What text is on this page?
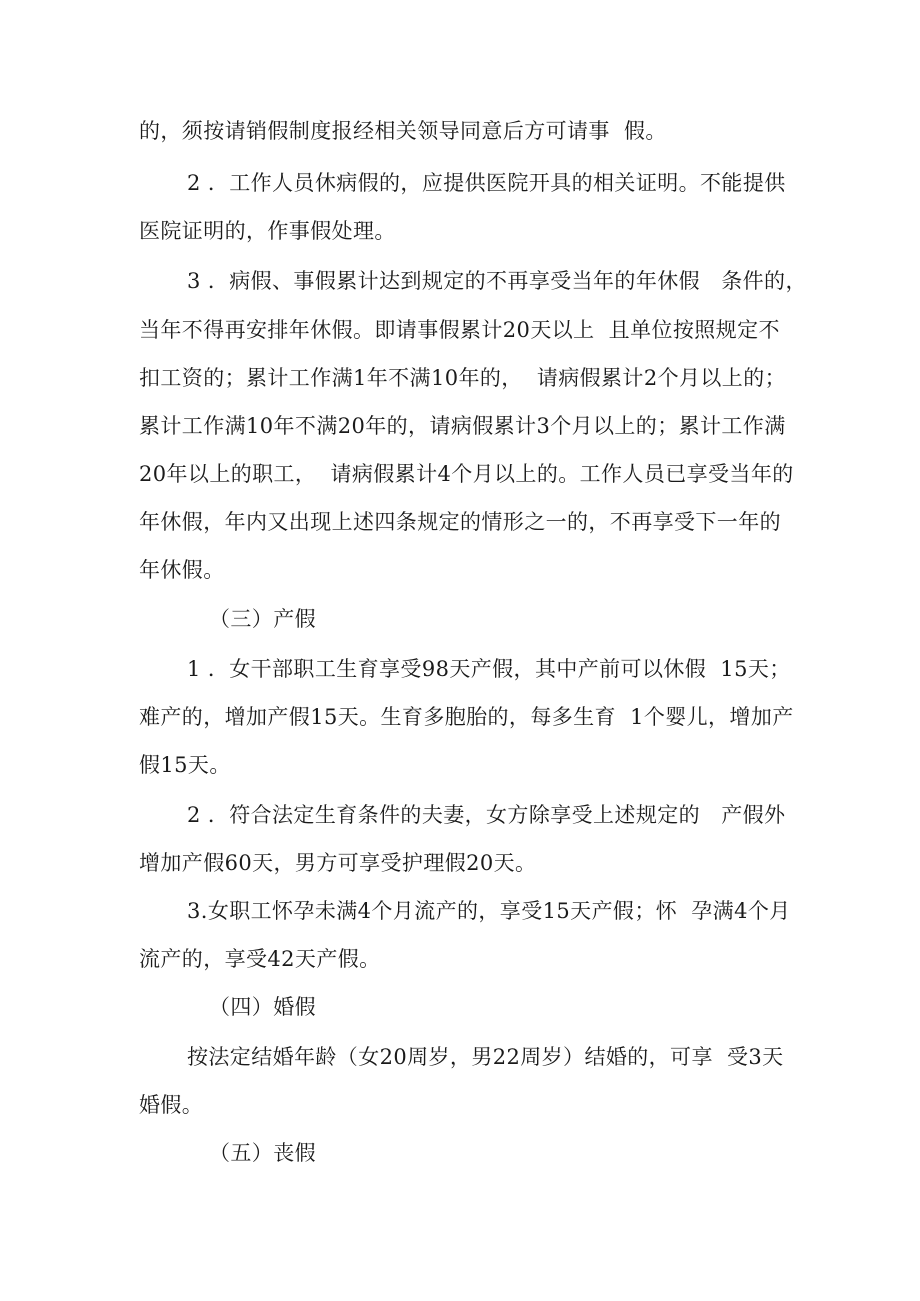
的，须按请销假制度报经相关领导同意后方可请事  假。

2 ．工作人员休病假的，应提供医院开具的相关证明。不能提供

医院证明的，作事假处理。

3 ．病假、事假累计达到规定的不再享受当年的年休假   条件的，

当年不得再安排年休假。即请事假累计20天以上  且单位按照规定不

扣工资的；累计工作满1年不满10年的，  请病假累计2个月以上的；

累计工作满10年不满20年的，请病假累计3个月以上的；累计工作满

20年以上的职工，  请病假累计4个月以上的。工作人员已享受当年的

年休假，年内又出现上述四条规定的情形之一的，不再享受下一年的

年休假。

（三）产假

1 ．女干部职工生育享受98天产假，其中产前可以休假  15天；

难产的，增加产假15天。生育多胞胎的，每多生育  1个婴儿，增加产

假15天。

2 ．符合法定生育条件的夫妻，女方除享受上述规定的   产假外

增加产假60天，男方可享受护理假20天。

3.女职工怀孕未满4个月流产的，享受15天产假；怀  孕满4个月

流产的，享受42天产假。

（四）婚假

按法定结婚年龄（女20周岁，男22周岁）结婚的，可享  受3天

婚假。

（五）丧假
